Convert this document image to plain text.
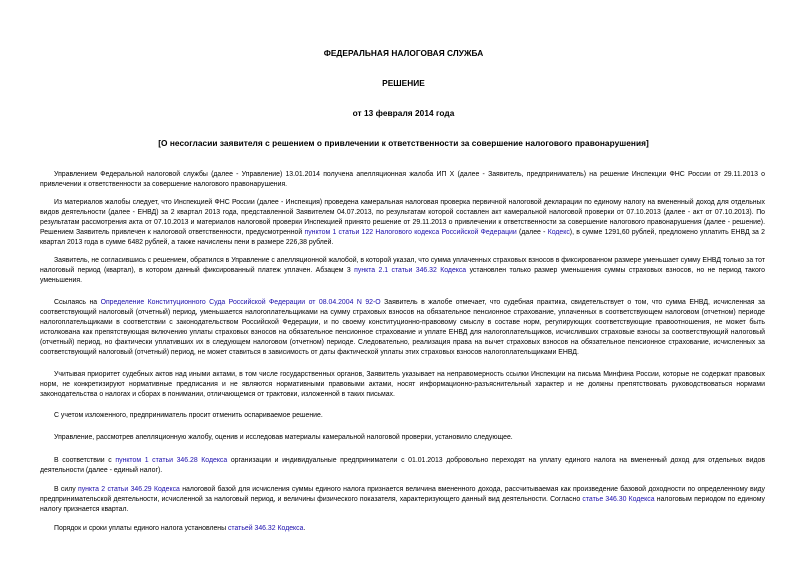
ФЕДЕРАЛЬНАЯ НАЛОГОВАЯ СЛУЖБА
РЕШЕНИЕ
от 13 февраля 2014 года
[О несогласии заявителя с решением о привлечении к ответственности за совершение налогового правонарушения]

Управлением Федеральной налоговой службы (далее - Управление) 13.01.2014 получена апелляционная жалоба ИП Х (далее - Заявитель, предприниматель) на решение Инспекции ФНС России от 29.11.2013 о привлечении к ответственности за совершение налогового правонарушения.

Из материалов жалобы следует, что Инспекцией ФНС России (далее - Инспекция) проведена камеральная налоговая проверка первичной налоговой декларации по единому налогу на вмененный доход для отдельных видов деятельности (далее - ЕНВД) за 2 квартал 2013 года, представленной Заявителем 04.07.2013, по результатам которой составлен акт камеральной налоговой проверки от 07.10.2013 (далее - акт от 07.10.2013). По результатам рассмотрения акта от 07.10.2013 и материалов налоговой проверки Инспекцией принято решение от 29.11.2013 о привлечении к ответственности за совершение налогового правонарушения (далее - решение). Решением Заявитель привлечен к налоговой ответственности, предусмотренной пунктом 1 статьи 122 Налогового кодекса Российской Федерации (далее - Кодекс), в сумме 1291,60 рублей, предложено уплатить ЕНВД за 2 квартал 2013 года в сумме 6482 рублей, а также начислены пени в размере 226,38 рублей.

Заявитель, не согласившись с решением, обратился в Управление с апелляционной жалобой, в которой указал, что сумма уплаченных страховых взносов в фиксированном размере уменьшает сумму ЕНВД только за тот налоговый период (квартал), в котором данный фиксированный платеж уплачен. Абзацем 3 пункта 2.1 статьи 346.32 Кодекса установлен только размер уменьшения суммы страховых взносов, но не период такого уменьшения.

Ссылаясь на Определение Конституционного Суда Российской Федерации от 08.04.2004 N 92-О Заявитель в жалобе отмечает, что судебная практика, свидетельствует о том, что сумма ЕНВД, исчисленная за соответствующий налоговый (отчетный) период, уменьшается налогоплательщиками на сумму страховых взносов на обязательное пенсионное страхование, уплаченных в соответствующем налоговом (отчетном) периоде налогоплательщиками в соответствии с законодательством Российской Федерации, и по своему конституционно-правовому смыслу в составе норм, регулирующих соответствующие правоотношения, не может быть истолкована как препятствующая включению уплаты страховых взносов на обязательное пенсионное страхование и уплате ЕНВД для налогоплательщиков, исчисливших страховые взносы за соответствующий налоговый (отчетный) период, но фактически уплативших их в следующем налоговом (отчетном) периоде. Следовательно, реализация права на вычет страховых взносов на обязательное пенсионное страхование, исчисленных за соответствующий налоговый (отчетный) период, не может ставиться в зависимость от даты фактической уплаты этих страховых взносов налогоплательщиками ЕНВД.

Учитывая приоритет судебных актов над иными актами, в том числе государственных органов, Заявитель указывает на неправомерность ссылки Инспекции на письма Минфина России, которые не содержат правовых норм, не конкретизируют нормативные предписания и не являются нормативными правовыми актами, носят информационно-разъяснительный характер и не должны препятствовать руководствоваться нормами законодательства о налогах и сборах в понимании, отличающемся от трактовки, изложенной в таких письмах.

С учетом изложенного, предприниматель просит отменить оспариваемое решение.

Управление, рассмотрев апелляционную жалобу, оценив и исследовав материалы камеральной налоговой проверки, установило следующее.

В соответствии с пунктом 1 статьи 346.28 Кодекса организации и индивидуальные предприниматели с 01.01.2013 добровольно переходят на уплату единого налога на вмененный доход для отдельных видов деятельности (далее - единый налог).

В силу пункта 2 статьи 346.29 Кодекса налоговой базой для исчисления суммы единого налога признается величина вмененного дохода, рассчитываемая как произведение базовой доходности по определенному виду предпринимательской деятельности, исчисленной за налоговый период, и величины физического показателя, характеризующего данный вид деятельности. Согласно статье 346.30 Кодекса налоговым периодом по единому налогу признается квартал.

Порядок и сроки уплаты единого налога установлены статьей 346.32 Кодекса.
